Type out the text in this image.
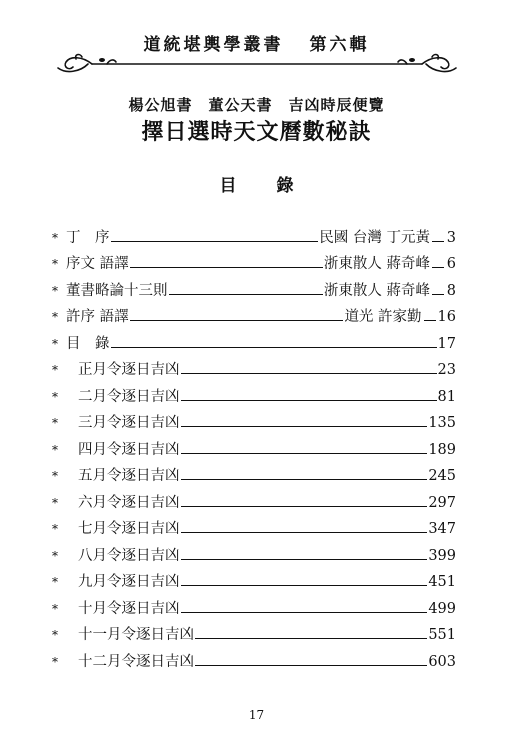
道統堪輿學叢書 第六輯
楊公旭書　董公天書　吉凶時辰便覽
擇日選時天文曆數秘訣
目錄
* 丁　序	民國 台灣 丁元黃 3
* 序文 語譯	浙東散人 蔣奇峰 6
* 董書略論十三則	浙東散人 蔣奇峰 8
* 許序 語譯	道光 許家勤 16
* 目　錄	17
*	正月令逐日吉凶	23
*	二月令逐日吉凶	81
*	三月令逐日吉凶	135
*	四月令逐日吉凶	189
*	五月令逐日吉凶	245
*	六月令逐日吉凶	297
*	七月令逐日吉凶	347
*	八月令逐日吉凶	399
*	九月令逐日吉凶	451
*	十月令逐日吉凶	499
*	十一月令逐日吉凶	551
*	十二月令逐日吉凶	603
17
